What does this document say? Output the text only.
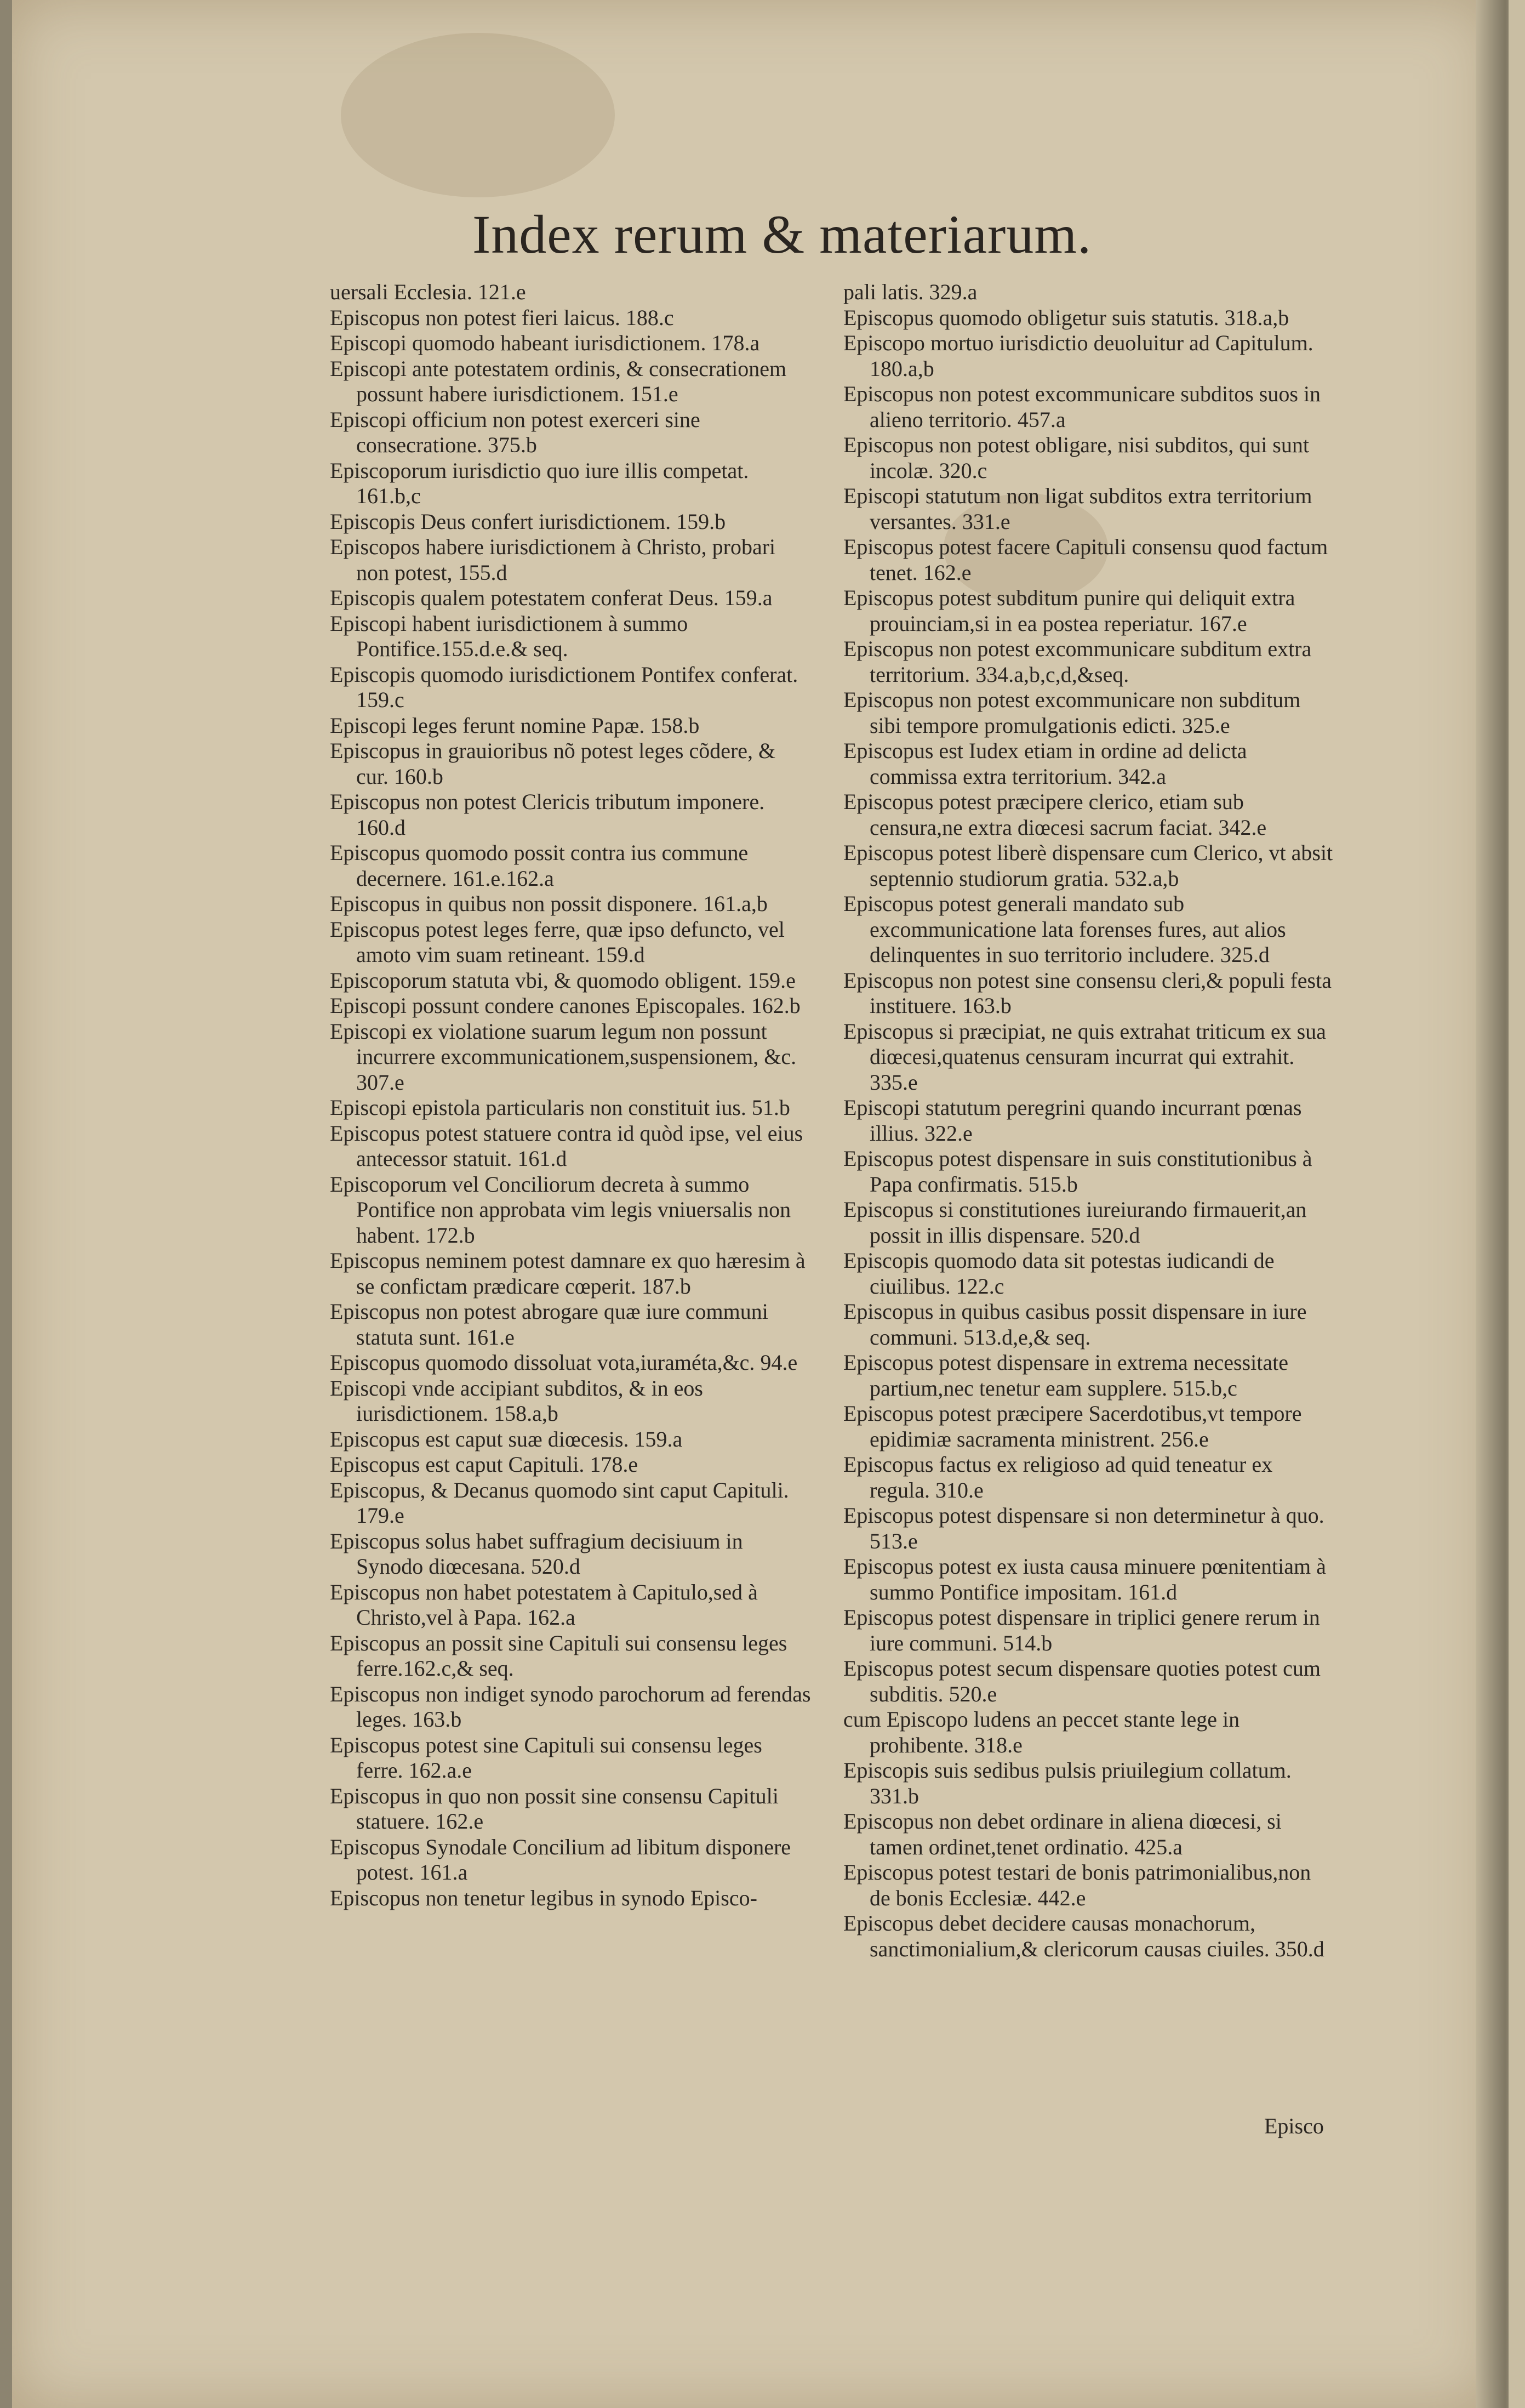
Index rerum & materiarum.

uersali Ecclesia. 121.e

Episcopus non potest fieri laicus. 188.c

Episcopi quomodo habeant iurisdictionem. 178.a

Episcopi ante potestatem ordinis, & consecrationem possunt habere iurisdictionem. 151.e

Episcopi officium non potest exerceri sine consecratione. 375.b

Episcoporum iurisdictio quo iure illis competat. 161.b,c

Episcopis Deus confert iurisdictionem. 159.b

Episcopos habere iurisdictionem à Christo, probari non potest, 155.d

Episcopis qualem potestatem conferat Deus. 159.a

Episcopi habent iurisdictionem à summo Pontifice.155.d.e.& seq.

Episcopis quomodo iurisdictionem Pontifex conferat. 159.c

Episcopi leges ferunt nomine Papæ. 158.b

Episcopus in grauioribus nõ potest leges cõdere, & cur. 160.b

Episcopus non potest Clericis tributum imponere. 160.d

Episcopus quomodo possit contra ius commune decernere. 161.e.162.a

Episcopus in quibus non possit disponere. 161.a,b

Episcopus potest leges ferre, quæ ipso defuncto, vel amoto vim suam retineant. 159.d

Episcoporum statuta vbi, & quomodo obligent. 159.e

Episcopi possunt condere canones Episcopales. 162.b

Episcopi ex violatione suarum legum non possunt incurrere excommunicationem,suspensionem, &c. 307.e

Episcopi epistola particularis non constituit ius. 51.b

Episcopus potest statuere contra id quòd ipse, vel eius antecessor statuit. 161.d

Episcoporum vel Conciliorum decreta à summo Pontifice non approbata vim legis vniuersalis non habent. 172.b

Episcopus neminem potest damnare ex quo hæresim à se confictam prædicare cœperit. 187.b

Episcopus non potest abrogare quæ iure communi statuta sunt. 161.e

Episcopus quomodo dissoluat vota,iuraméta,&c. 94.e

Episcopi vnde accipiant subditos, & in eos iurisdictionem. 158.a,b

Episcopus est caput suæ diœcesis. 159.a

Episcopus est caput Capituli. 178.e

Episcopus, & Decanus quomodo sint caput Capituli. 179.e

Episcopus solus habet suffragium decisiuum in Synodo diœcesana. 520.d

Episcopus non habet potestatem à Capitulo,sed à Christo,vel à Papa. 162.a

Episcopus an possit sine Capituli sui consensu leges ferre.162.c,& seq.

Episcopus non indiget synodo parochorum ad ferendas leges. 163.b

Episcopus potest sine Capituli sui consensu leges ferre. 162.a.e

Episcopus in quo non possit sine consensu Capituli statuere. 162.e

Episcopus Synodale Concilium ad libitum disponere potest. 161.a

Episcopus non tenetur legibus in synodo Episco-

pali latis. 329.a

Episcopus quomodo obligetur suis statutis. 318.a,b

Episcopo mortuo iurisdictio deuoluitur ad Capitulum. 180.a,b

Episcopus non potest excommunicare subditos suos in alieno territorio. 457.a

Episcopus non potest obligare, nisi subditos, qui sunt incolæ. 320.c

Episcopi statutum non ligat subditos extra territorium versantes. 331.e

Episcopus potest facere Capituli consensu quod factum tenet. 162.e

Episcopus potest subditum punire qui deliquit extra prouinciam,si in ea postea reperiatur. 167.e

Episcopus non potest excommunicare subditum extra territorium. 334.a,b,c,d,&seq.

Episcopus non potest excommunicare non subditum sibi tempore promulgationis edicti. 325.e

Episcopus est Iudex etiam in ordine ad delicta commissa extra territorium. 342.a

Episcopus potest præcipere clerico, etiam sub censura,ne extra diœcesi sacrum faciat. 342.e

Episcopus potest liberè dispensare cum Clerico, vt absit septennio studiorum gratia. 532.a,b

Episcopus potest generali mandato sub excommunicatione lata forenses fures, aut alios delinquentes in suo territorio includere. 325.d

Episcopus non potest sine consensu cleri,& populi festa instituere. 163.b

Episcopus si præcipiat, ne quis extrahat triticum ex sua diœcesi,quatenus censuram incurrat qui extrahit. 335.e

Episcopi statutum peregrini quando incurrant pœnas illius. 322.e

Episcopus potest dispensare in suis constitutionibus à Papa confirmatis. 515.b

Episcopus si constitutiones iureiurando firmauerit,an possit in illis dispensare. 520.d

Episcopis quomodo data sit potestas iudicandi de ciuilibus. 122.c

Episcopus in quibus casibus possit dispensare in iure communi. 513.d,e,& seq.

Episcopus potest dispensare in extrema necessitate partium,nec tenetur eam supplere. 515.b,c

Episcopus potest præcipere Sacerdotibus,vt tempore epidimiæ sacramenta ministrent. 256.e

Episcopus factus ex religioso ad quid teneatur ex regula. 310.e

Episcopus potest dispensare si non determinetur à quo. 513.e

Episcopus potest ex iusta causa minuere pœnitentiam à summo Pontifice impositam. 161.d

Episcopus potest dispensare in triplici genere rerum in iure communi. 514.b

Episcopus potest secum dispensare quoties potest cum subditis. 520.e

cum Episcopo ludens an peccet stante lege in prohibente. 318.e

Episcopis suis sedibus pulsis priuilegium collatum. 331.b

Episcopus non debet ordinare in aliena diœcesi, si tamen ordinet,tenet ordinatio. 425.a

Episcopus potest testari de bonis patrimonialibus,non de bonis Ecclesiæ. 442.e

Episcopus debet decidere causas monachorum, sanctimonialium,& clericorum causas ciuiles. 350.d

Episco
